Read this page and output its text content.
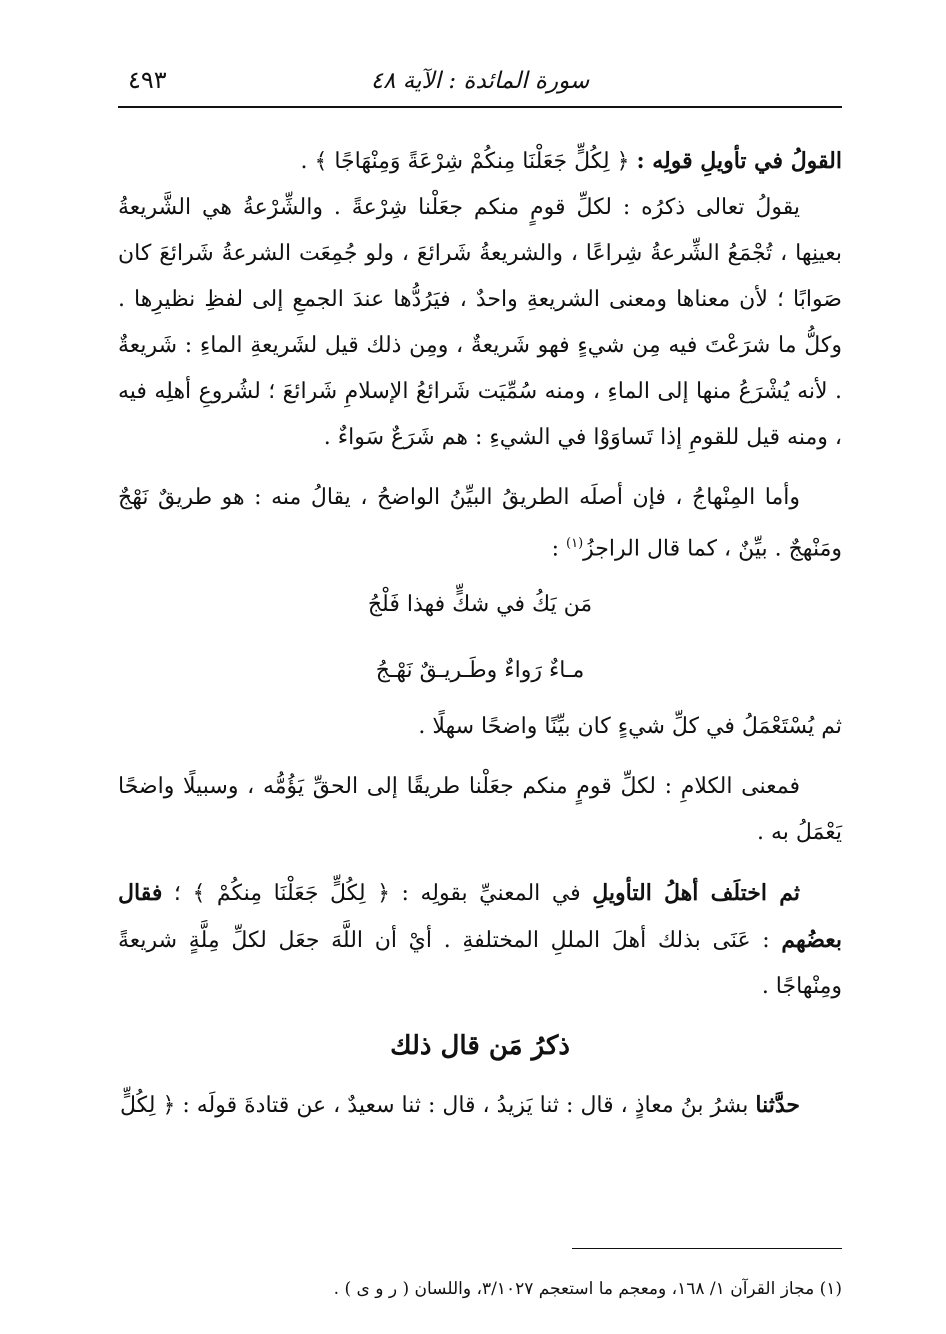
سورة المائدة : الآية ٤٨
٤٩٣

القولُ في تأويلِ قولِه : ﴿ لِكُلٍّ جَعَلْنَا مِنكُمْ شِرْعَةً وَمِنْهَاجًا ﴾ .

يقولُ تعالى ذكرُه : لكلِّ قومٍ منكم جعَلْنا شِرْعةً . والشِّرْعةُ هي الشَّريعةُ بعينِها ، تُجْمَعُ الشِّرعةُ شِراعًا ، والشريعةُ شَرائعَ ، ولو جُمِعَت الشرعةُ شَرائعَ كان صَوابًا ؛ لأن معناها ومعنى الشريعةِ واحدٌ ، فيَرُدُّها عندَ الجمعِ إلى لفظِ نظيرِها . وكلُّ ما شرَعْتَ فيه مِن شيءٍ فهو شَريعةٌ ، ومِن ذلك قيل لشَريعةِ الماءِ : شَريعةٌ . لأنه يُشْرَعُ منها إلى الماءِ ، ومنه سُمِّيَت شَرائعُ الإسلامِ شَرائعَ ؛ لشُروعِ أهلِه فيه ، ومنه قيل للقومِ إذا تَساوَوْا في الشيءِ : هم شَرَعٌ سَواءٌ .

وأما المِنْهاجُ ، فإن أصلَه الطريقُ البيِّنُ الواضحُ ، يقالُ منه : هو طريقٌ نَهْجٌ ومَنْهجٌ . بيِّنٌ ، كما قال الراجزُ$^{(١)}$ :

مَن يَكُ في شكٍّ فهذا فَلْجُ

مـاءٌ رَواءٌ وطَـريـقٌ نَهْـجُ

ثم يُسْتَعْمَلُ في كلِّ شيءٍ كان بيِّنًا واضحًا سهلًا .

فمعنى الكلامِ : لكلِّ قومٍ منكم جعَلْنا طريقًا إلى الحقِّ يَؤُمُّه ، وسبيلًا واضحًا يَعْمَلُ به .

ثم اختلَف أهلُ التأويلِ في المعنيِّ بقولِه : ﴿ لِكُلٍّ جَعَلْنَا مِنكُمْ ﴾ ؛ فقال بعضُهم : عَنَى بذلك أهلَ المللِ المختلفةِ . أيْ أن اللَّهَ جعَل لكلِّ مِلَّةٍ شريعةً ومِنْهاجًا .

ذكرُ مَن قال ذلك

حدَّثنا بشرُ بنُ معاذٍ ، قال : ثنا يَزيدُ ، قال : ثنا سعيدٌ ، عن قتادةَ قولَه : ﴿ لِكُلٍّ

(١) مجاز القرآن ١/ ١٦٨، ومعجم ما استعجم ٣/١٠٢٧، واللسان ( ر و ى ) .
